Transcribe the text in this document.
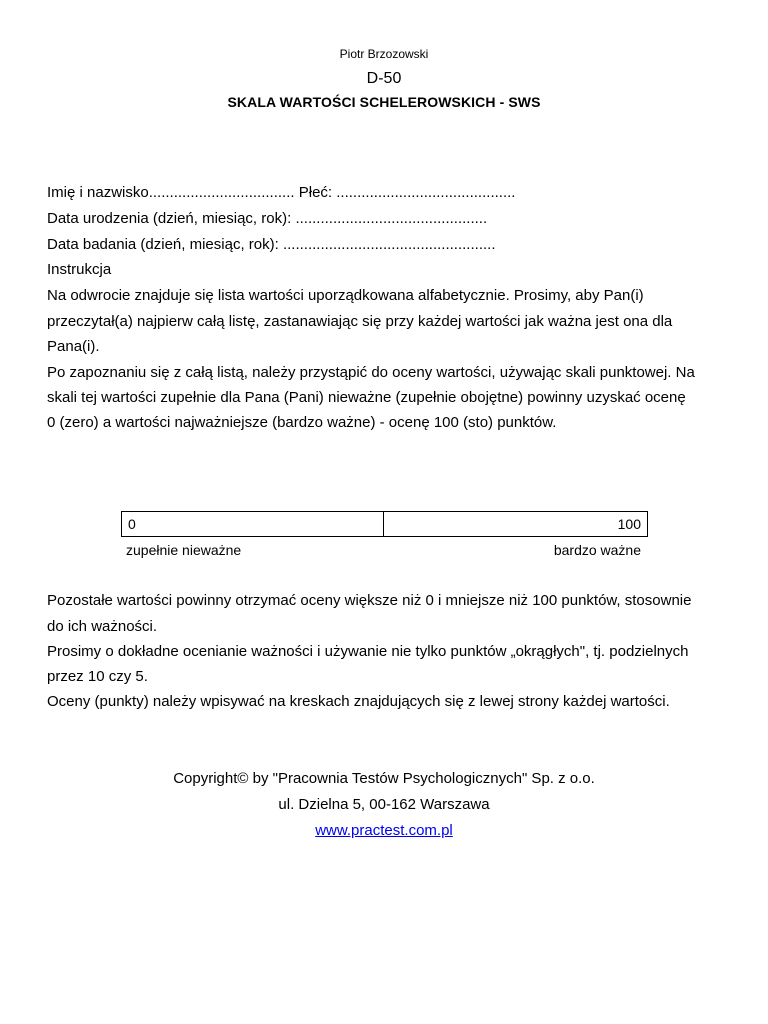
Piotr Brzozowski
D-50
SKALA WARTOŚCI SCHELEROWSKICH - SWS
Imię i nazwisko................................... Płeć: ...........................................
Data urodzenia (dzień, miesiąc, rok): ..............................................
Data badania (dzień, miesiąc, rok): ...................................................
Instrukcja
Na odwrocie znajduje się lista wartości uporządkowana alfabetycznie. Prosimy, aby Pan(i)
przeczytał(a) najpierw całą listę, zastanawiając się przy każdej wartości jak ważna jest ona dla
Pana(i).
Po zapoznaniu się z całą listą, należy przystąpić do oceny wartości, używając skali punktowej. Na
skali tej wartości zupełnie dla Pana (Pani) nieważne (zupełnie obojętne) powinny uzyskać ocenę
0 (zero) a wartości najważniejsze (bardzo ważne) - ocenę 100 (sto) punktów.
0	100
zupełnie nieważne	bardzo ważne
Pozostałe wartości powinny otrzymać oceny większe niż 0 i mniejsze niż 100 punktów, stosownie
do ich ważności.
Prosimy o dokładne ocenianie ważności i używanie nie tylko punktów „okrągłych", tj. podzielnych
przez 10 czy 5.
Oceny (punkty) należy wpisywać na kreskach znajdujących się z lewej strony każdej wartości.
Copyright© by "Pracownia Testów Psychologicznych" Sp. z o.o.
ul. Dzielna 5, 00-162 Warszawa
www.practest.com.pl
